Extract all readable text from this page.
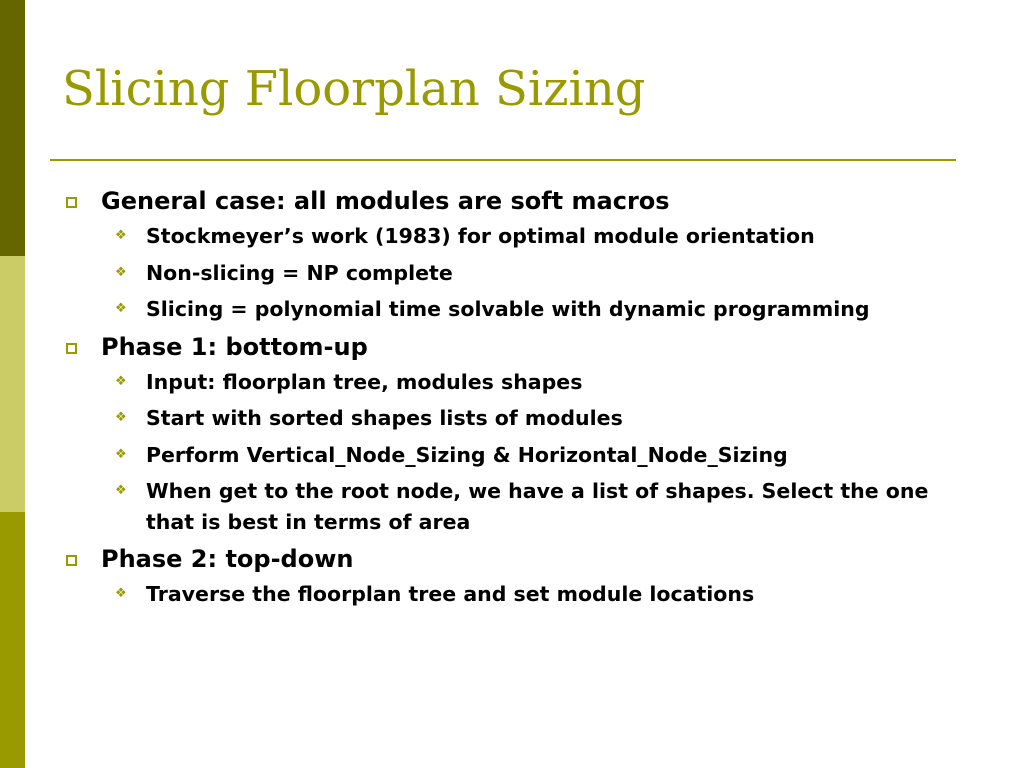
Slicing Floorplan Sizing
General case: all modules are soft macros
❖ Stockmeyer’s work (1983) for optimal module orientation
❖ Non-slicing = NP complete
❖ Slicing = polynomial time solvable with dynamic programming
Phase 1: bottom-up
❖ Input: floorplan tree, modules shapes
❖ Start with sorted shapes lists of modules
❖ Perform Vertical_Node_Sizing & Horizontal_Node_Sizing
❖ When get to the root node, we have a list of shapes. Select the one that is best in terms of area
Phase 2: top-down
❖ Traverse the floorplan tree and set module locations
